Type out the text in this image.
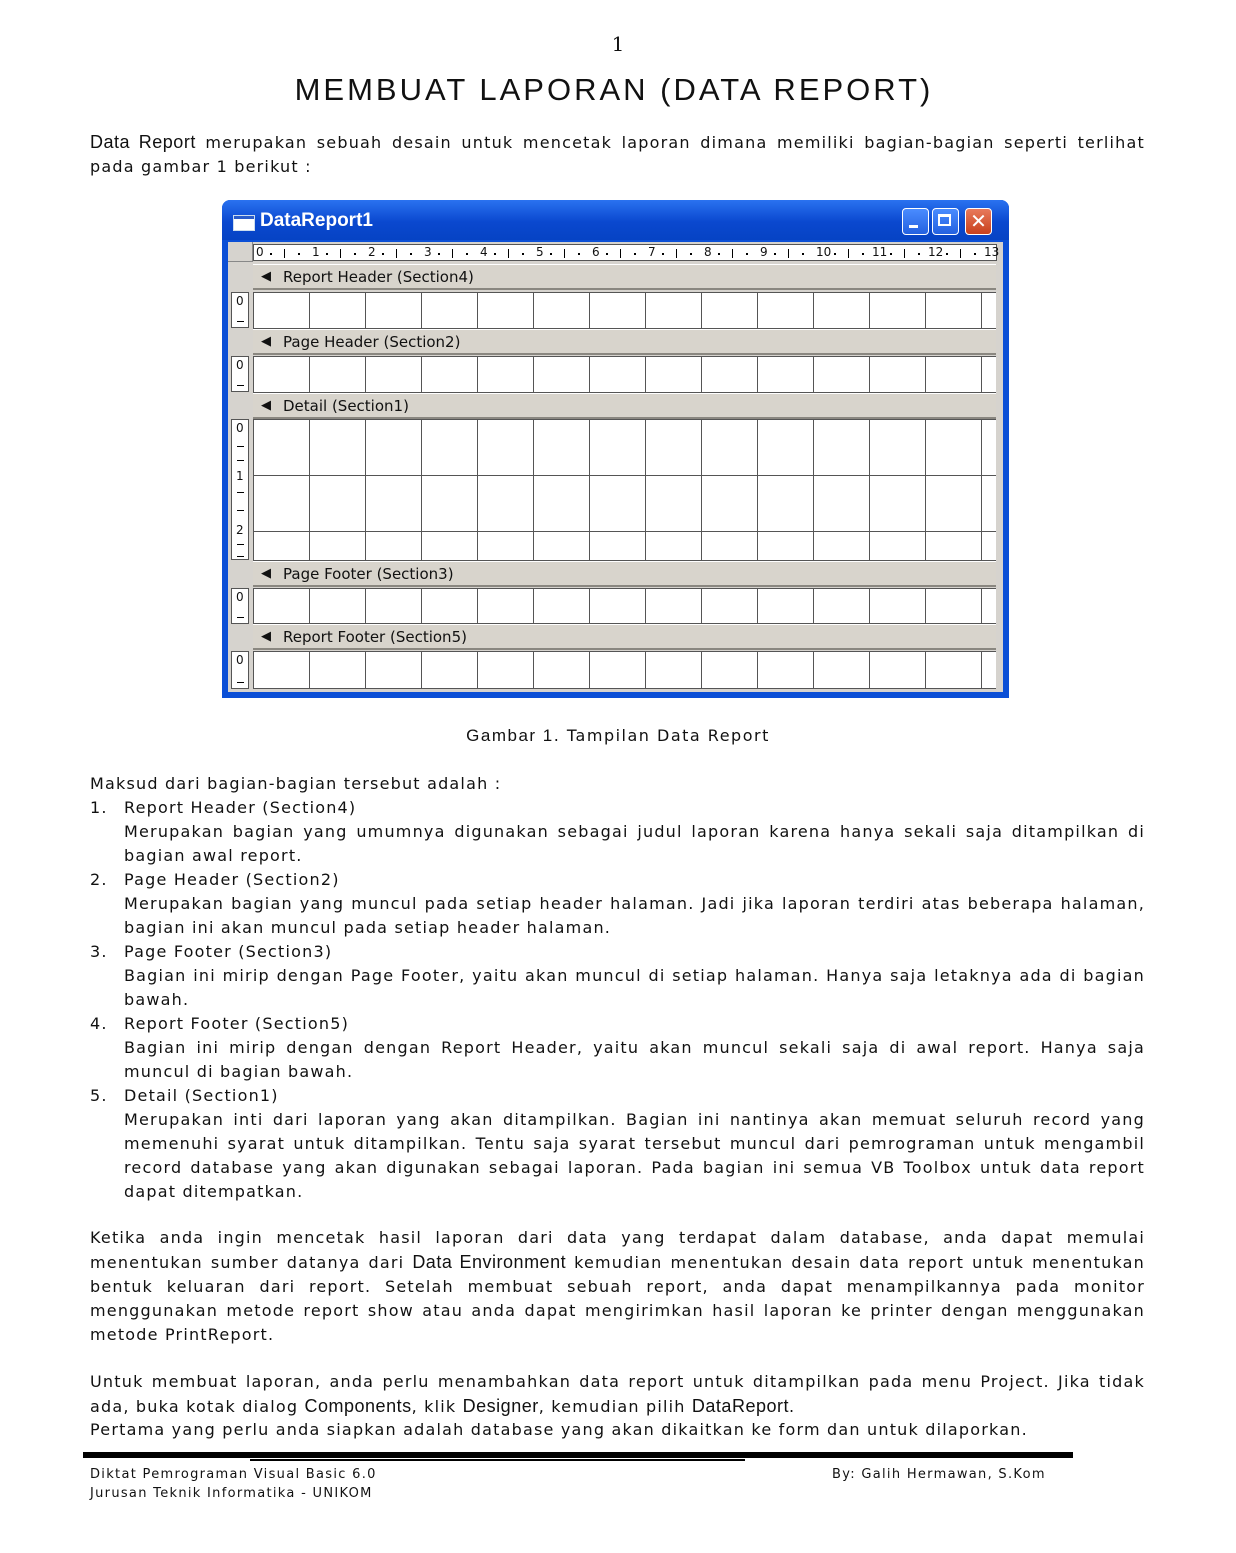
1
MEMBUAT LAPORAN (DATA REPORT)
Data Report merupakan sebuah desain untuk mencetak laporan dimana memiliki bagian-bagian seperti terlihat pada gambar 1 berikut :
DataReport1	✕
0	1	2	3	4	5	6	7	8	9	10	11	12	13
◀ Report Header (Section4)
0
◀ Page Header (Section2)
0
◀ Detail (Section1)
0
1
2
◀ Page Footer (Section3)
0
◀ Report Footer (Section5)
0
Gambar 1. Tampilan Data Report
Maksud dari bagian-bagian tersebut adalah :
1.	Report Header (Section4)
Merupakan bagian yang umumnya digunakan sebagai judul laporan karena hanya sekali saja ditampilkan di bagian awal report.
2.	Page Header (Section2)
Merupakan bagian yang muncul pada setiap header halaman. Jadi jika laporan terdiri atas beberapa halaman, bagian ini akan muncul pada setiap header halaman.
3.	Page Footer (Section3)
Bagian ini mirip dengan Page Footer, yaitu akan muncul di setiap halaman. Hanya saja letaknya ada di bagian bawah.
4.	Report Footer (Section5)
Bagian ini mirip dengan dengan Report Header, yaitu akan muncul sekali saja di awal report. Hanya saja muncul di bagian bawah.
5.	Detail (Section1)
Merupakan inti dari laporan yang akan ditampilkan. Bagian ini nantinya akan memuat seluruh record yang memenuhi syarat untuk ditampilkan. Tentu saja syarat tersebut muncul dari pemrograman untuk mengambil record database yang akan digunakan sebagai laporan. Pada bagian ini semua VB Toolbox untuk data report dapat ditempatkan.
Ketika anda ingin mencetak hasil laporan dari data yang terdapat dalam database, anda dapat memulai menentukan sumber datanya dari Data Environment kemudian menentukan desain data report untuk menentukan bentuk keluaran dari report. Setelah membuat sebuah report, anda dapat menampilkannya pada monitor menggunakan metode report show atau anda dapat mengirimkan hasil laporan ke printer dengan menggunakan metode PrintReport.
Untuk membuat laporan, anda perlu menambahkan data report untuk ditampilkan pada menu Project. Jika tidak ada, buka kotak dialog Components, klik Designer, kemudian pilih DataReport.
Pertama yang perlu anda siapkan adalah database yang akan dikaitkan ke form dan untuk dilaporkan.
Diktat Pemrograman Visual Basic 6.0
Jurusan Teknik Informatika - UNIKOM
By: Galih Hermawan, S.Kom
